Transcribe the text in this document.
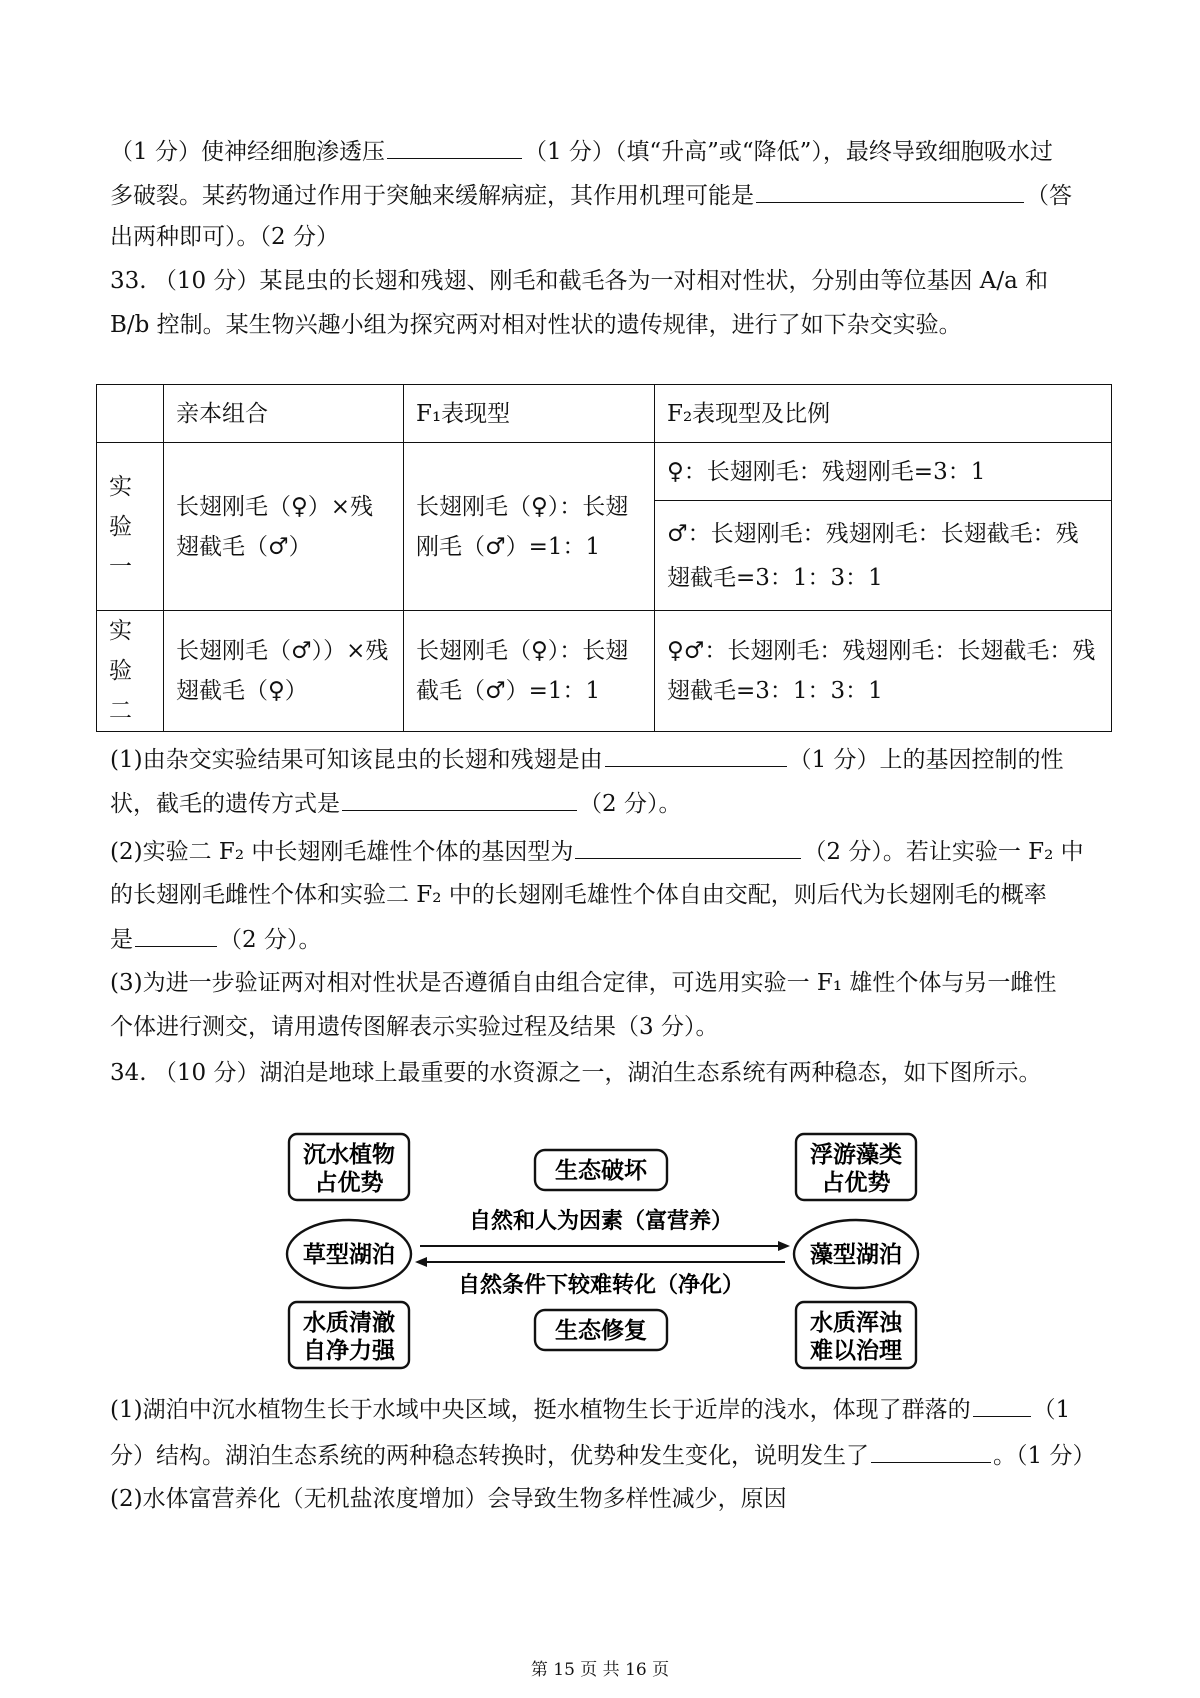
（1 分）使神经细胞渗透压	（1 分）（填“升高”或“降低”），最终导致细胞吸水过
多破裂。某药物通过作用于突触来缓解病症，其作用机理可能是	（答
出两种即可）。（2 分）
33. （10 分）某昆虫的长翅和残翅、刚毛和截毛各为一对相对性状，分别由等位基因 A/a 和
B/b 控制。某生物兴趣小组为探究两对相对性状的遗传规律，进行了如下杂交实验。
	亲本组合	F₁表现型	F₂表现型及比例
实验一	长翅刚毛（♀）×残翅截毛（♂）	长翅刚毛（♀）：长翅刚毛（♂）=1：1	♀：长翅刚毛：残翅刚毛=3：1
			♂：长翅刚毛：残翅刚毛：长翅截毛：残翅截毛=3：1：3：1
实验二	长翅刚毛（♂））×残翅截毛（♀）	长翅刚毛（♀）：长翅截毛（♂）=1：1	♀♂：长翅刚毛：残翅刚毛：长翅截毛：残翅截毛=3：1：3：1
(1)由杂交实验结果可知该昆虫的长翅和残翅是由	（1 分）上的基因控制的性
状，截毛的遗传方式是	（2 分）。
(2)实验二 F₂ 中长翅刚毛雄性个体的基因型为	（2 分）。若让实验一 F₂ 中
的长翅刚毛雌性个体和实验二 F₂ 中的长翅刚毛雄性个体自由交配，则后代为长翅刚毛的概率
是	（2 分）。
(3)为进一步验证两对相对性状是否遵循自由组合定律，可选用实验一 F₁ 雄性个体与另一雌性
个体进行测交，请用遗传图解表示实验过程及结果（3 分）。
34. （10 分）湖泊是地球上最重要的水资源之一，湖泊生态系统有两种稳态，如下图所示。
沉水植物
占优势
草型湖泊
水质清澈
自净力强
浮游藻类
占优势
藻型湖泊
水质浑浊
难以治理
生态破坏
生态修复
自然和人为因素（富营养）
自然条件下较难转化（净化）
(1)湖泊中沉水植物生长于水域中央区域，挺水植物生长于近岸的浅水，体现了群落的	（1
分）结构。湖泊生态系统的两种稳态转换时，优势种发生变化，说明发生了	。（1 分）
(2)水体富营养化（无机盐浓度增加）会导致生物多样性减少，原因
第 15 页 共 16 页
